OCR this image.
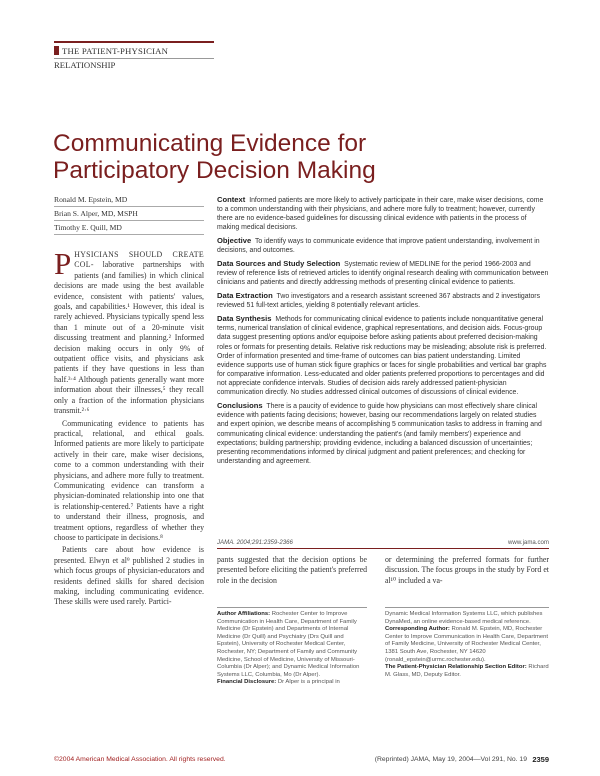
THE PATIENT-PHYSICIAN
RELATIONSHIP
Communicating Evidence for
Participatory Decision Making
Ronald M. Epstein, MD
Brian S. Alper, MD, MSPH
Timothy E. Quill, MD

PHYSICIANS SHOULD CREATE COL- laborative partnerships with patients (and families) in which clinical decisions are made using the best available evidence, consistent with patients' values, goals, and capabilities.¹ However, this ideal is rarely achieved. Physicians typically spend less than 1 minute out of a 20-minute visit discussing treatment and planning.² Informed decision making occurs in only 9% of outpatient office visits, and physicians ask patients if they have questions in less than half.³·⁴ Although patients generally want more information about their illnesses,⁵ they recall only a fraction of the information physicians transmit.²·⁶

Communicating evidence to patients has practical, relational, and ethical goals. Informed patients are more likely to participate actively in their care, make wiser decisions, come to a common understanding with their physicians, and adhere more fully to treatment. Communicating evidence can transform a physician-dominated relationship into one that is relationship-centered.⁷ Patients have a right to understand their illness, prognosis, and treatment options, regardless of whether they choose to participate in decisions.⁸

Patients care about how evidence is presented. Elwyn et al⁹ published 2 studies in which focus groups of physician-educators and residents defined skills for shared decision making, including communicating evidence. These skills were used rarely. Partici-

Context Informed patients are more likely to actively participate in their care, make wiser decisions, come to a common understanding with their physicians, and adhere more fully to treatment; however, currently there are no evidence-based guidelines for discussing clinical evidence with patients in the process of making medical decisions.

Objective To identify ways to communicate evidence that improve patient understanding, involvement in decisions, and outcomes.

Data Sources and Study Selection Systematic review of MEDLINE for the period 1966-2003 and review of reference lists of retrieved articles to identify original research dealing with communication between clinicians and patients and directly addressing methods of presenting clinical evidence to patients.

Data Extraction Two investigators and a research assistant screened 367 abstracts and 2 investigators reviewed 51 full-text articles, yielding 8 potentially relevant articles.

Data Synthesis Methods for communicating clinical evidence to patients include nonquantitative general terms, numerical translation of clinical evidence, graphical representations, and decision aids. Focus-group data suggest presenting options and/or equipoise before asking patients about preferred decision-making roles or formats for presenting details. Relative risk reductions may be misleading; absolute risk is preferred. Order of information presented and time-frame of outcomes can bias patient understanding. Limited evidence supports use of human stick figure graphics or faces for single probabilities and vertical bar graphs for comparative information. Less-educated and older patients preferred proportions to percentages and did not appreciate confidence intervals. Studies of decision aids rarely addressed patient-physician communication directly. No studies addressed clinical outcomes of discussions of clinical evidence.

Conclusions There is a paucity of evidence to guide how physicians can most effectively share clinical evidence with patients facing decisions; however, basing our recommendations largely on related studies and expert opinion, we describe means of accomplishing 5 communication tasks to address in framing and communicating clinical evidence: understanding the patient's (and family members') experience and expectations; building partnership; providing evidence, including a balanced discussion of uncertainties; presenting recommendations informed by clinical judgment and patient preferences; and checking for understanding and agreement.

JAMA. 2004;291:2359-2366	www.jama.com

pants suggested that the decision options be presented before eliciting the patient's preferred role in the decision

or determining the preferred formats for further discussion. The focus groups in the study by Ford et al¹⁰ included a va-

Author Affiliations: Rochester Center to Improve Communication in Health Care, Department of Family Medicine (Dr Epstein) and Departments of Internal Medicine (Dr Quill) and Psychiatry (Drs Quill and Epstein), University of Rochester Medical Center, Rochester, NY; Department of Family and Community Medicine, School of Medicine, University of Missouri-Columbia (Dr Alper); and Dynamic Medical Information Systems LLC, Columbia, Mo (Dr Alper).

Financial Disclosure: Dr Alper is a principal in

Dynamic Medical Information Systems LLC, which publishes DynaMed, an online evidence-based medical reference.

Corresponding Author: Ronald M. Epstein, MD, Rochester Center to Improve Communication in Health Care, Department of Family Medicine, University of Rochester Medical Center, 1381 South Ave, Rochester, NY 14620 (ronald_epstein@urmc.rochester.edu).

The Patient-Physician Relationship Section Editor: Richard M. Glass, MD, Deputy Editor.

©2004 American Medical Association. All rights reserved.	(Reprinted) JAMA, May 19, 2004—Vol 291, No. 19 2359
